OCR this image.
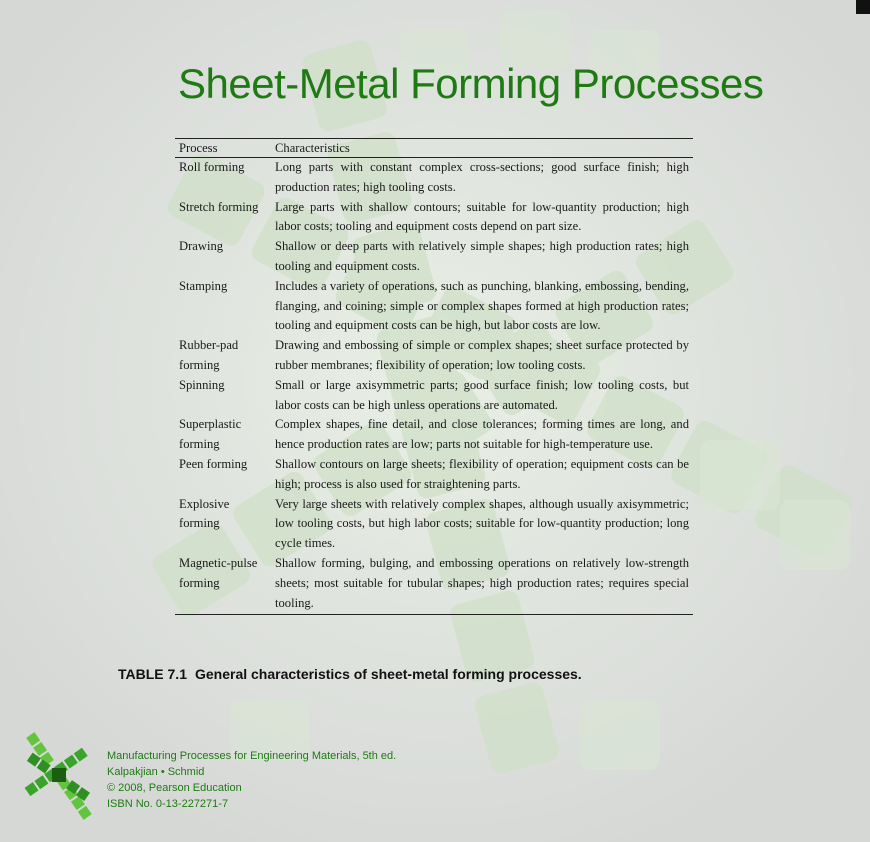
Sheet-Metal Forming Processes
Process	Characteristics
Roll forming	Long parts with constant complex cross-sections; good surface finish; high production rates; high tooling costs.
Stretch forming	Large parts with shallow contours; suitable for low-quantity production; high labor costs; tooling and equipment costs depend on part size.
Drawing	Shallow or deep parts with relatively simple shapes; high production rates; high tooling and equipment costs.
Stamping	Includes a variety of operations, such as punching, blanking, embossing, bending, flanging, and coining; simple or complex shapes formed at high production rates; tooling and equipment costs can be high, but labor costs are low.
Rubber-pad forming	Drawing and embossing of simple or complex shapes; sheet surface protected by rubber membranes; flexibility of operation; low tooling costs.
Spinning	Small or large axisymmetric parts; good surface finish; low tooling costs, but labor costs can be high unless operations are automated.
Superplastic forming	Complex shapes, fine detail, and close tolerances; forming times are long, and hence production rates are low; parts not suitable for high-temperature use.
Peen forming	Shallow contours on large sheets; flexibility of operation; equipment costs can be high; process is also used for straightening parts.
Explosive forming	Very large sheets with relatively complex shapes, although usually axisymmetric; low tooling costs, but high labor costs; suitable for low-quantity production; long cycle times.
Magnetic-pulse forming	Shallow forming, bulging, and embossing operations on relatively low-strength sheets; most suitable for tubular shapes; high production rates; requires special tooling.
TABLE 7.1 General characteristics of sheet-metal forming processes.
Manufacturing Processes for Engineering Materials, 5th ed.
Kalpakjian • Schmid
© 2008, Pearson Education
ISBN No. 0-13-227271-7
